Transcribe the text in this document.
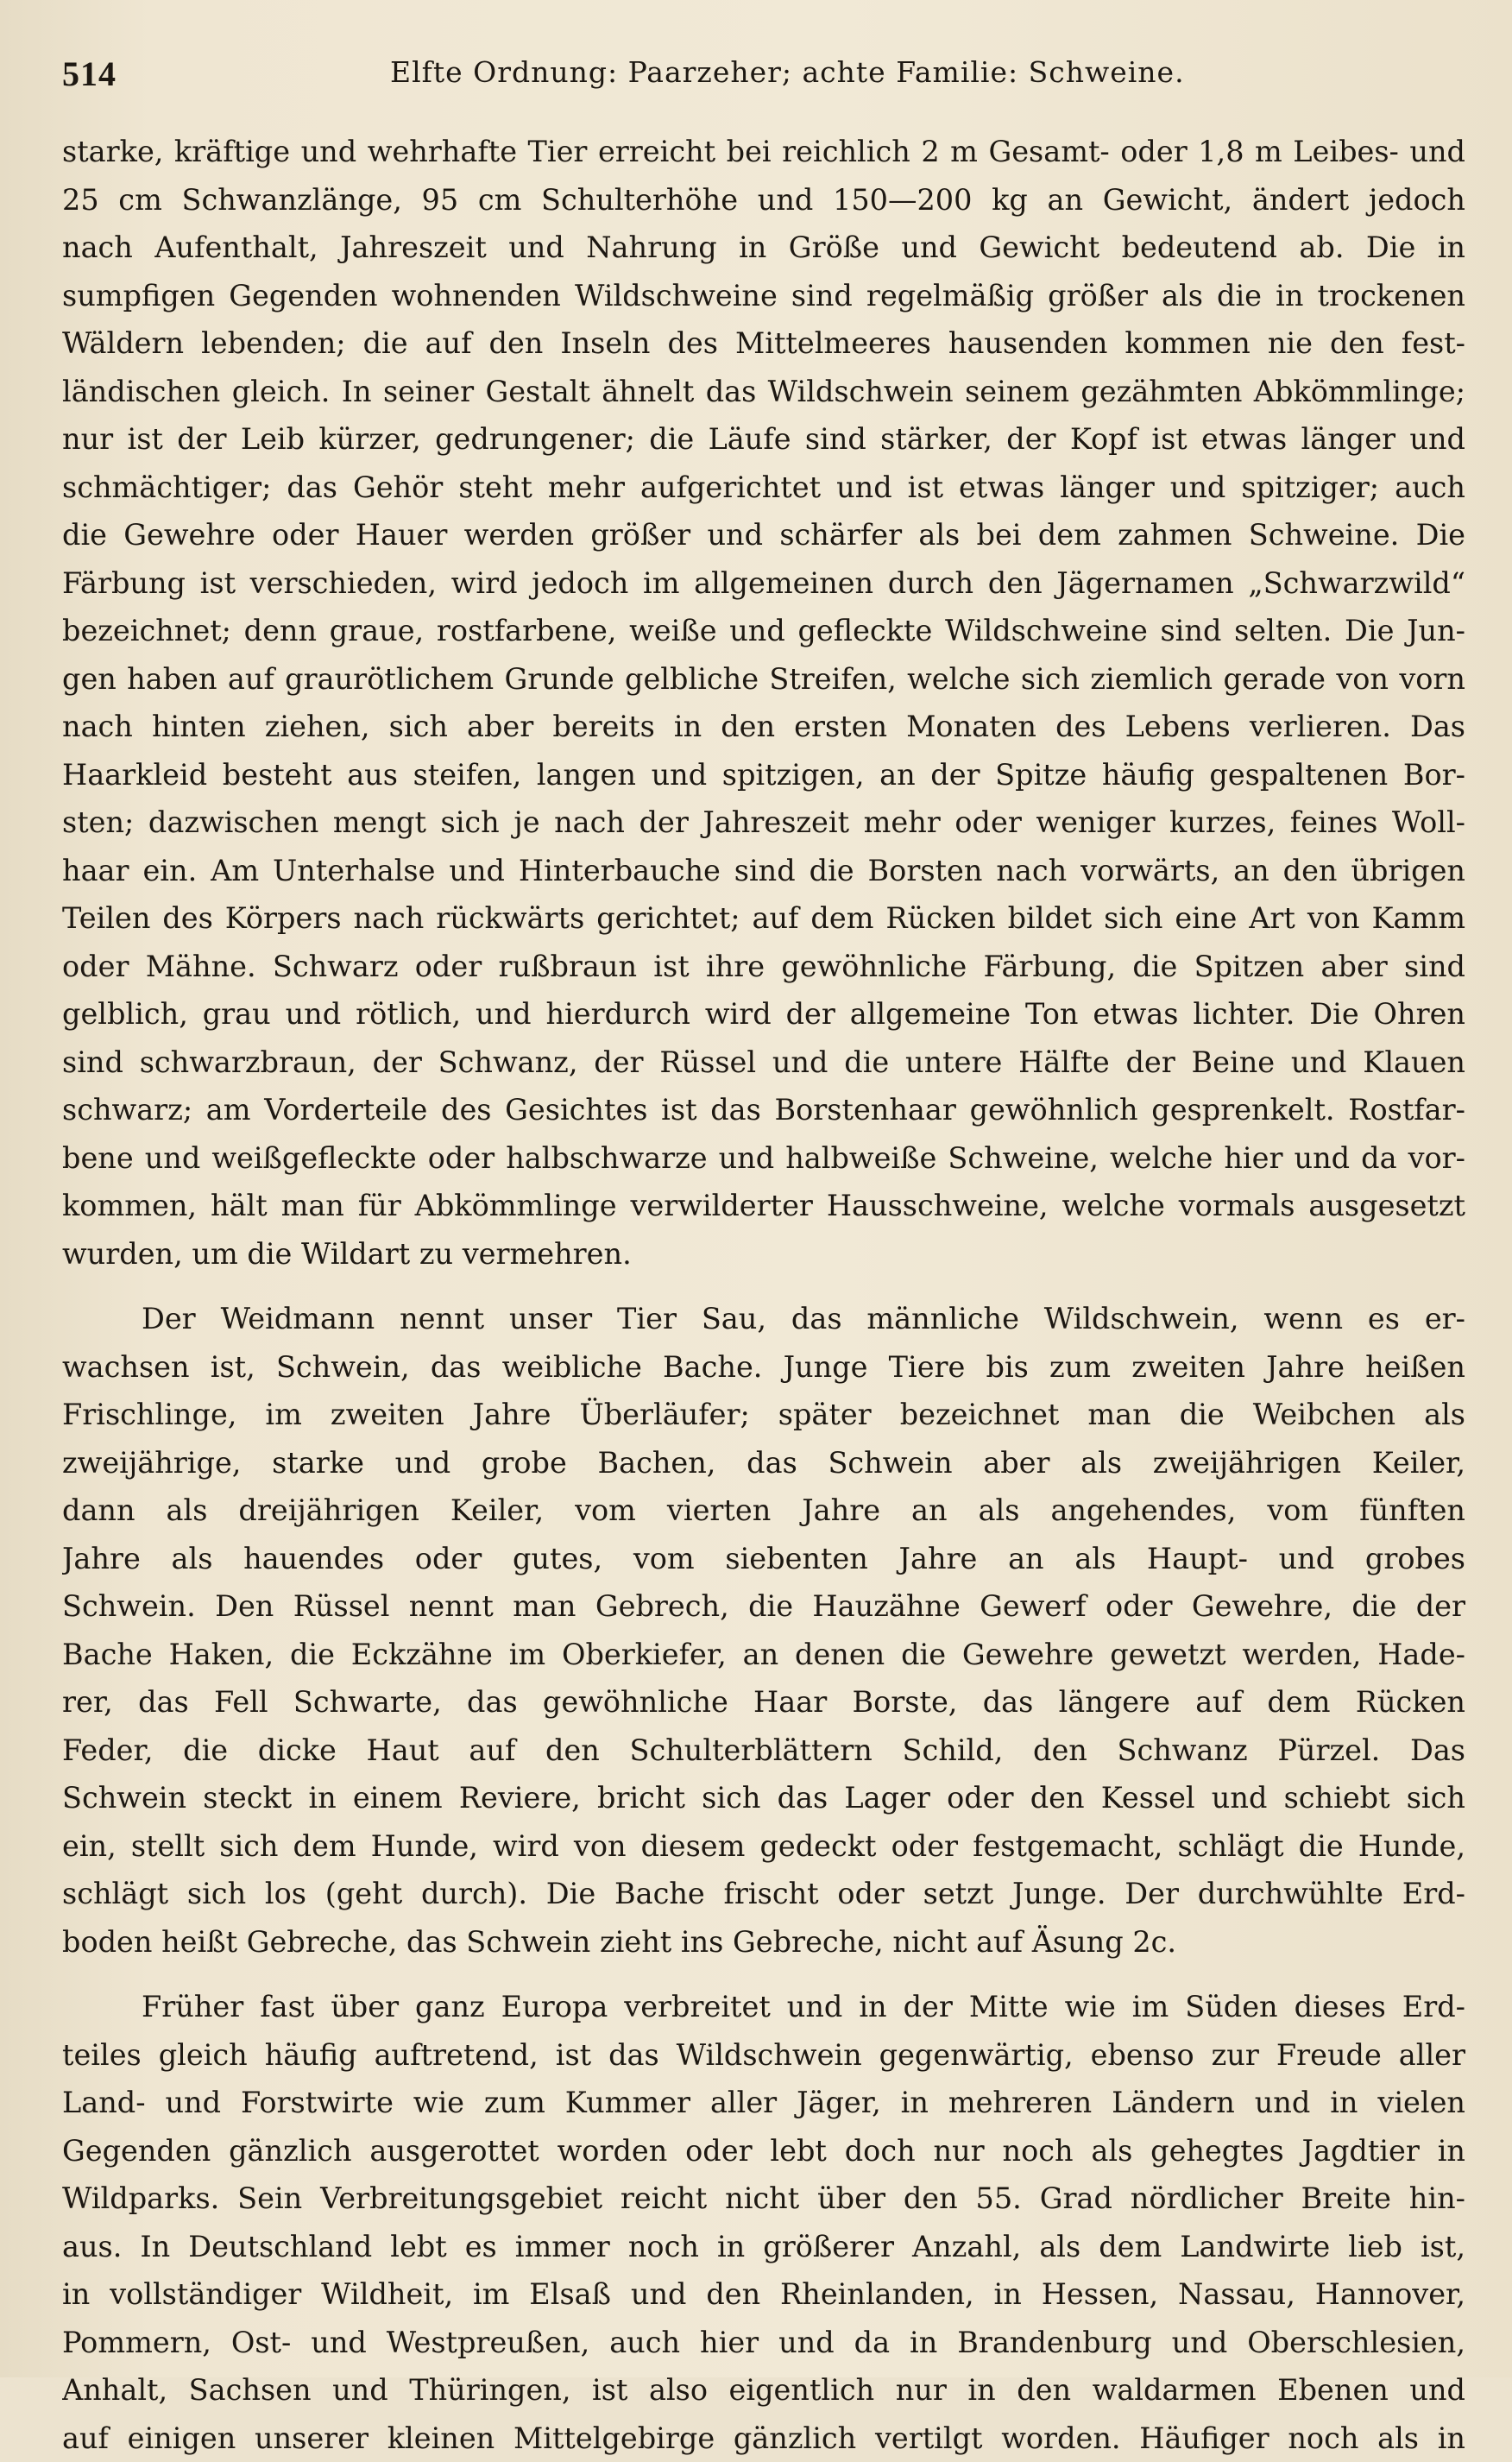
514	Elfte Ordnung: Paarzeher; achte Familie: Schweine.
starke, kräftige und wehrhafte Tier erreicht bei reichlich 2 m Gesamt- oder 1,8 m Leibes- und
25 cm Schwanzlänge, 95 cm Schulterhöhe und 150—200 kg an Gewicht, ändert jedoch
nach Aufenthalt, Jahreszeit und Nahrung in Größe und Gewicht bedeutend ab. Die in
sumpfigen Gegenden wohnenden Wildschweine sind regelmäßig größer als die in trockenen
Wäldern lebenden; die auf den Inseln des Mittelmeeres hausenden kommen nie den fest-
ländischen gleich. In seiner Gestalt ähnelt das Wildschwein seinem gezähmten Abkömmlinge;
nur ist der Leib kürzer, gedrungener; die Läufe sind stärker, der Kopf ist etwas länger und
schmächtiger; das Gehör steht mehr aufgerichtet und ist etwas länger und spitziger; auch
die Gewehre oder Hauer werden größer und schärfer als bei dem zahmen Schweine. Die
Färbung ist verschieden, wird jedoch im allgemeinen durch den Jägernamen „Schwarzwild“
bezeichnet; denn graue, rostfarbene, weiße und gefleckte Wildschweine sind selten. Die Jun-
gen haben auf graurötlichem Grunde gelbliche Streifen, welche sich ziemlich gerade von vorn
nach hinten ziehen, sich aber bereits in den ersten Monaten des Lebens verlieren. Das
Haarkleid besteht aus steifen, langen und spitzigen, an der Spitze häufig gespaltenen Bor-
sten; dazwischen mengt sich je nach der Jahreszeit mehr oder weniger kurzes, feines Woll-
haar ein. Am Unterhalse und Hinterbauche sind die Borsten nach vorwärts, an den übrigen
Teilen des Körpers nach rückwärts gerichtet; auf dem Rücken bildet sich eine Art von Kamm
oder Mähne. Schwarz oder rußbraun ist ihre gewöhnliche Färbung, die Spitzen aber sind
gelblich, grau und rötlich, und hierdurch wird der allgemeine Ton etwas lichter. Die Ohren
sind schwarzbraun, der Schwanz, der Rüssel und die untere Hälfte der Beine und Klauen
schwarz; am Vorderteile des Gesichtes ist das Borstenhaar gewöhnlich gesprenkelt. Rostfar-
bene und weißgefleckte oder halbschwarze und halbweiße Schweine, welche hier und da vor-
kommen, hält man für Abkömmlinge verwilderter Hausschweine, welche vormals ausgesetzt
wurden, um die Wildart zu vermehren.
Der Weidmann nennt unser Tier Sau, das männliche Wildschwein, wenn es er-
wachsen ist, Schwein, das weibliche Bache. Junge Tiere bis zum zweiten Jahre heißen
Frischlinge, im zweiten Jahre Überläufer; später bezeichnet man die Weibchen als
zweijährige, starke und grobe Bachen, das Schwein aber als zweijährigen Keiler,
dann als dreijährigen Keiler, vom vierten Jahre an als angehendes, vom fünften
Jahre als hauendes oder gutes, vom siebenten Jahre an als Haupt- und grobes
Schwein. Den Rüssel nennt man Gebrech, die Hauzähne Gewerf oder Gewehre, die der
Bache Haken, die Eckzähne im Oberkiefer, an denen die Gewehre gewetzt werden, Hade-
rer, das Fell Schwarte, das gewöhnliche Haar Borste, das längere auf dem Rücken
Feder, die dicke Haut auf den Schulterblättern Schild, den Schwanz Pürzel. Das
Schwein steckt in einem Reviere, bricht sich das Lager oder den Kessel und schiebt sich
ein, stellt sich dem Hunde, wird von diesem gedeckt oder festgemacht, schlägt die Hunde,
schlägt sich los (geht durch). Die Bache frischt oder setzt Junge. Der durchwühlte Erd-
boden heißt Gebreche, das Schwein zieht ins Gebreche, nicht auf Äsung 2c.
Früher fast über ganz Europa verbreitet und in der Mitte wie im Süden dieses Erd-
teiles gleich häufig auftretend, ist das Wildschwein gegenwärtig, ebenso zur Freude aller
Land- und Forstwirte wie zum Kummer aller Jäger, in mehreren Ländern und in vielen
Gegenden gänzlich ausgerottet worden oder lebt doch nur noch als gehegtes Jagdtier in
Wildparks. Sein Verbreitungsgebiet reicht nicht über den 55. Grad nördlicher Breite hin-
aus. In Deutschland lebt es immer noch in größerer Anzahl, als dem Landwirte lieb ist,
in vollständiger Wildheit, im Elsaß und den Rheinlanden, in Hessen, Nassau, Hannover,
Pommern, Ost- und Westpreußen, auch hier und da in Brandenburg und Oberschlesien,
Anhalt, Sachsen und Thüringen, ist also eigentlich nur in den waldarmen Ebenen und
auf einigen unserer kleinen Mittelgebirge gänzlich vertilgt worden. Häufiger noch als in
